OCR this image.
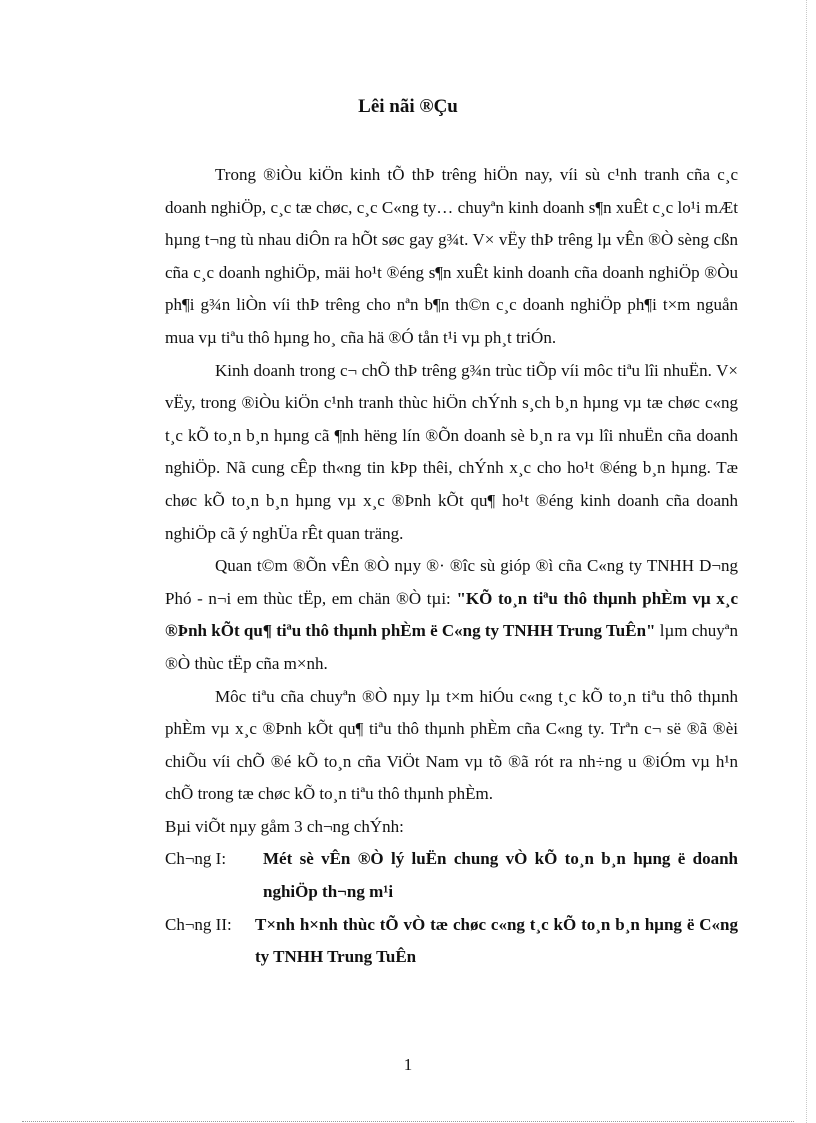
Lêi nãi ®Çu

Trong ®iÒu kiÖn kinh tÕ thÞ trêng hiÖn nay, víi sù c¹nh tranh cña c¸c doanh nghiÖp, c¸c tæ chøc, c¸c C«ng ty… chuyªn kinh doanh s¶n xuÊt c¸c lo¹i mÆt hµng t¬ng tù nhau diÔn ra hÕt søc gay g¾t. V× vËy thÞ trêng lµ vÊn ®Ò sèng cßn cña c¸c doanh nghiÖp, mäi ho¹t ®éng s¶n xuÊt kinh doanh cña doanh nghiÖp ®Òu ph¶i g¾n liÒn víi thÞ trêng cho nªn b¶n th©n c¸c doanh nghiÖp ph¶i t×m nguån mua vµ tiªu thô hµng ho¸ cña hä ®Ó tån t¹i vµ ph¸t triÓn.

Kinh doanh trong c¬ chÕ thÞ trêng g¾n trùc tiÕp víi môc tiªu lîi nhuËn. V× vËy, trong ®iÒu kiÖn c¹nh tranh thùc hiÖn chÝnh s¸ch b¸n hµng vµ tæ chøc c«ng t¸c kÕ to¸n b¸n hµng cã ¶nh hëng lín ®Õn doanh sè b¸n ra vµ lîi nhuËn cña doanh nghiÖp. Nã cung cÊp th«ng tin kÞp thêi, chÝnh x¸c cho ho¹t ®éng b¸n hµng. Tæ chøc kÕ to¸n b¸n hµng vµ x¸c ®Þnh kÕt qu¶ ho¹t ®éng kinh doanh cña doanh nghiÖp cã ý nghÜa rÊt quan träng.

Quan t©m ®Õn vÊn ®Ò nµy ®· ®îc sù gióp ®ì cña C«ng ty TNHH D¬ng Phó - n¬i em thùc tËp, em chän ®Ò tµi: "KÕ to¸n tiªu thô thµnh phÈm vµ x¸c ®Þnh kÕt qu¶ tiªu thô thµnh phÈm ë C«ng ty TNHH Trung TuÊn" lµm chuyªn ®Ò thùc tËp cña m×nh.

Môc tiªu cña chuyªn ®Ò nµy lµ t×m hiÓu c«ng t¸c kÕ to¸n tiªu thô thµnh phÈm vµ x¸c ®Þnh kÕt qu¶ tiªu thô thµnh phÈm cña C«ng ty. Trªn c¬ së ®ã ®èi chiÕu víi chÕ ®é kÕ to¸n cña ViÖt Nam vµ tõ ®ã rót ra nh÷ng u ®iÓm vµ h¹n chÕ trong tæ chøc kÕ to¸n tiªu thô thµnh phÈm.

Bµi viÕt nµy gåm 3 ch¬ng chÝnh:

Ch¬ng I: Mét sè vÊn ®Ò lý luËn chung vÒ kÕ to¸n b¸n hµng ë doanh nghiÖp th¬ng m¹i
Ch¬ng II: T×nh h×nh thùc tÕ vÒ tæ chøc c«ng t¸c kÕ to¸n b¸n hµng ë C«ng ty TNHH Trung TuÊn
1
